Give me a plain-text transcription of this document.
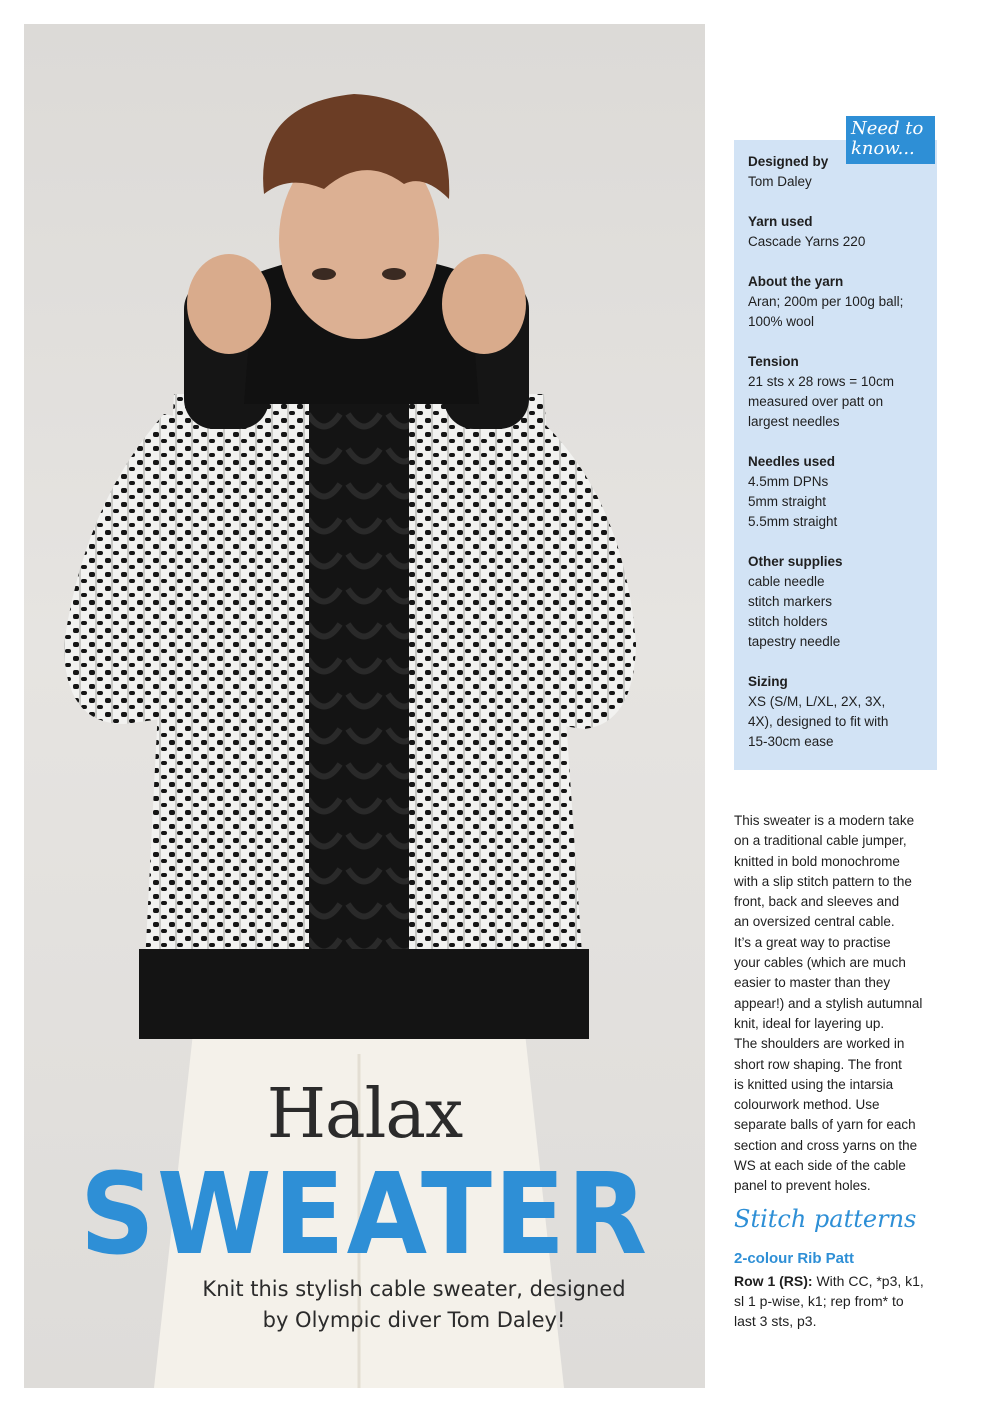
Halax
SWEATER
Knit this stylish cable sweater, designed
by Olympic diver Tom Daley!
Need to
know...
Designed by
Tom Daley
Yarn used
Cascade Yarns 220
About the yarn
Aran; 200m per 100g ball;
100% wool
Tension
21 sts x 28 rows = 10cm
measured over patt on
largest needles
Needles used
4.5mm DPNs
5mm straight
5.5mm straight
Other supplies
cable needle
stitch markers
stitch holders
tapestry needle
Sizing
XS (S/M, L/XL, 2X, 3X,
4X), designed to fit with
15-30cm ease
This sweater is a modern take
on a traditional cable jumper,
knitted in bold monochrome
with a slip stitch pattern to the
front, back and sleeves and
an oversized central cable.
It’s a great way to practise
your cables (which are much
easier to master than they
appear!) and a stylish autumnal
knit, ideal for layering up.
The shoulders are worked in
short row shaping. The front
is knitted using the intarsia
colourwork method. Use
separate balls of yarn for each
section and cross yarns on the
WS at each side of the cable
panel to prevent holes.
Stitch patterns
2-colour Rib Patt
Row 1 (RS): With CC, *p3, k1,
sl 1 p-wise, k1; rep from* to
last 3 sts, p3.
